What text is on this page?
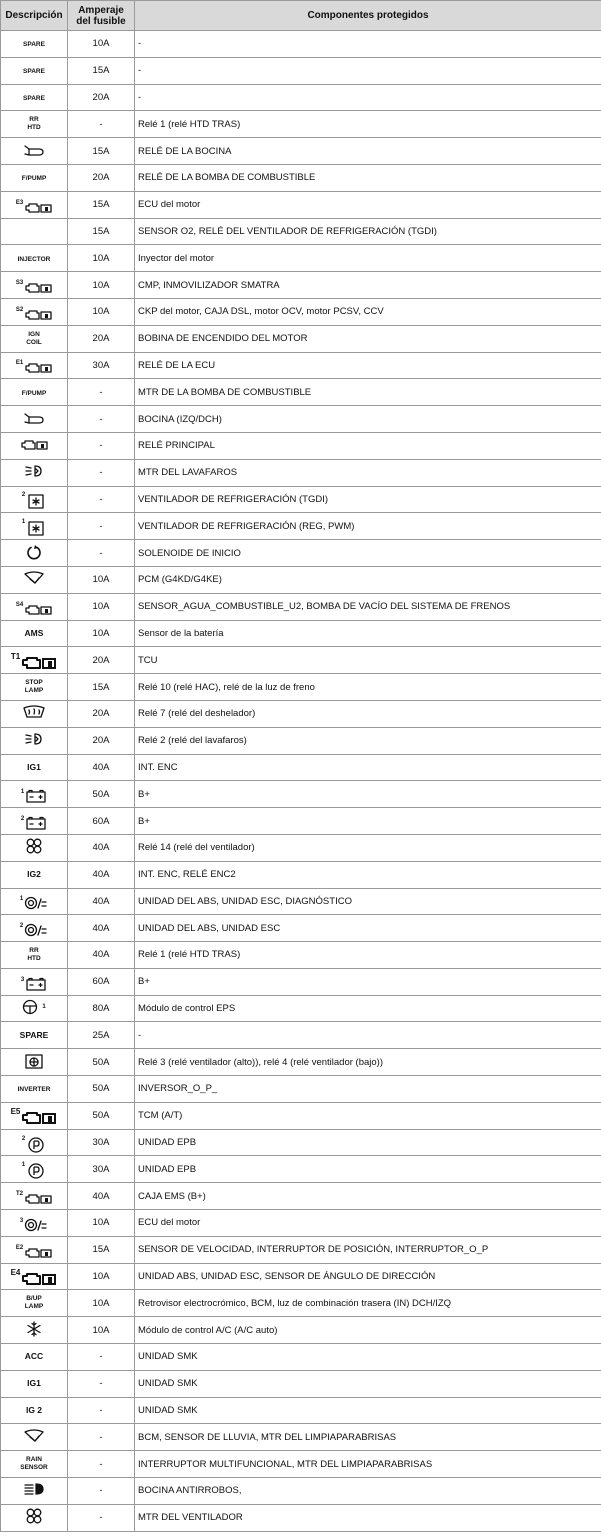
Descripción	Amperaje del fusible	Componentes protegidos
SPARE	10A	-
SPARE	15A	-
SPARE	20A	-
RR
HTD	-	Relé 1 (relé HTD TRAS)

	15A	RELÉ DE LA BOCINA
F/PUMP	20A	RELÉ DE LA BOMBA DE COMBUSTIBLE

E3	15A	ECU del motor
	15A	SENSOR O2, RELÉ DEL VENTILADOR DE REFRIGERACIÓN (TGDI)
INJECTOR	10A	Inyector del motor

S3	10A	CMP, INMOVILIZADOR SMATRA

S2	10A	CKP del motor, CAJA DSL, motor OCV, motor PCSV, CCV
IGN
COIL	20A	BOBINA DE ENCENDIDO DEL MOTOR

E1	30A	RELÉ DE LA ECU
F/PUMP	-	MTR DE LA BOMBA DE COMBUSTIBLE

	-	BOCINA (IZQ/DCH)

	-	RELÉ PRINCIPAL

	-	MTR DEL LAVAFAROS

2	-	VENTILADOR DE REFRIGERACIÓN (TGDI)

1	-	VENTILADOR DE REFRIGERACIÓN (REG, PWM)

	-	SOLENOIDE DE INICIO

	10A	PCM (G4KD/G4KE)

S4	10A	SENSOR_AGUA_COMBUSTIBLE_U2, BOMBA DE VACÍO DEL SISTEMA DE FRENOS
AMS	10A	Sensor de la batería

T1	20A	TCU
STOP
LAMP	15A	Relé 10 (relé HAC), relé de la luz de freno

	20A	Relé 7 (relé del deshelador)

	20A	Relé 2 (relé del lavafaros)
IG1	40A	INT. ENC

1	50A	B+

2	60A	B+

	40A	Relé 14 (relé del ventilador)
IG2	40A	INT. ENC, RELÉ ENC2

1	40A	UNIDAD DEL ABS, UNIDAD ESC, DIAGNÓSTICO

2	40A	UNIDAD DEL ABS, UNIDAD ESC
RR
HTD	40A	Relé 1 (relé HTD TRAS)

3	60A	B+

1	80A	Módulo de control EPS
SPARE	25A	-

	50A	Relé 3 (relé ventilador (alto)), relé 4 (relé ventilador (bajo))
INVERTER	50A	INVERSOR_O_P_

E5	50A	TCM (A/T)

2	30A	UNIDAD EPB

1	30A	UNIDAD EPB

T2	40A	CAJA EMS (B+)

3	10A	ECU del motor

E2	15A	SENSOR DE VELOCIDAD, INTERRUPTOR DE POSICIÓN, INTERRUPTOR_O_P

E4	10A	UNIDAD ABS, UNIDAD ESC, SENSOR DE ÁNGULO DE DIRECCIÓN
B/UP
LAMP	10A	Retrovisor electrocrómico, BCM, luz de combinación trasera (IN) DCH/IZQ

	10A	Módulo de control A/C (A/C auto)
ACC	-	UNIDAD SMK
IG1	-	UNIDAD SMK
IG 2	-	UNIDAD SMK

	-	BCM, SENSOR DE LLUVIA, MTR DEL LIMPIAPARABRISAS
RAIN
SENSOR	-	INTERRUPTOR MULTIFUNCIONAL, MTR DEL LIMPIAPARABRISAS

	-	BOCINA ANTIRROBOS,

	-	MTR DEL VENTILADOR
